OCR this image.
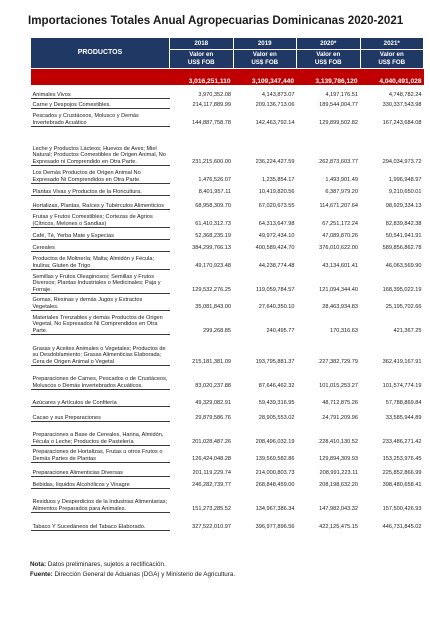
Importaciones Totales Anual Agropecuarias Dominicanas 2020-2021
PRODUCTOS	2018	2019	2020*	2021*
	Valor en
US$ FOB	Valor en
US$ FOB	Valor en
US$ FOB	Valor en
US$ FOB
	3,016,251,110	3,109,347,440	3,139,786,120	4,040,491,028
Animales Vivos	3,970,352.08	4,143,873.07	4,197,176.51	4,748,782.24
Carne y Despojos Comestibles.	214,117,889.99	209,136,713.06	189,544,004.77	330,337,543.98
Pescados y Crustáceos, Molusco y Demás Invertebrado Acuático	144,887,758.78	142,463,792.14	129,899,502.82	167,243,684.08
Leche y Productos Lácteos; Huevos de Aves; Miel Natural; Productos Comestibles de Origen Animal, No Expresado ni Comprendido en Otra Parte.	231,215,600.00	236,224,427.59	262,873,603.77	294,034,973.72
Los Demás Productos de Origen Animal No Expresado Ni Comprendidos en Otra Parte.	1,476,526.07	1,235,854.17	1,493,901.49	1,996,948.97
Plantas Vivas y Productos de la Floricultura.	8,401,957.11	10,419,820.56	6,387,979.20	9,210,650.01
Hortalizas, Plantas, Raíces y Tubérculos Alimenticios	68,958,309.70	67,020,673.55	114,671,207.64	98,929,334.13
Frutas y Frutos Comestibles; Cortezas de Agrios (Cítricos, Melones o Sandías)	61,410,312.73	64,313,647.98	67,251,172.24	82,839,842.38
Café, Té, Yerba Mate y Especias	52,368,235.19	49,972,434.10	47,089,870.26	50,541,941.91
Cereales	384,299,766.13	400,589,424.70	376,010,622.00	589,856,862.78
Productos de Molinería; Malta; Almidón y Fécula; Inulina; Gluten de Trigo	49,170,923.48	44,238,774.48	43,134,601.41	46,063,569.90
Semillas y Frutos Oleaginosos; Semillas y Frutos Diversos; Plantas Industriales o Medicinales; Paja y Forraje.	129,532,276.25	119,059,784.57	121,094,344.40	168,395,022.19
Gomas, Resinas y demás Jugos y Extractos Vegetales.	35,081,843.00	27,640,350.10	28,463,934.83	25,195,702.66
Materiales Trenzables y demás Productos de Origen Vegetal, No Expresados Ni Comprendidos en Otra Parte.	299,268.85	240,495.77	170,316.63	421,367.25
Grasas y Aceites Animales o Vegetales; Productos de su Desdoblamiento; Grasas Alimenticias Elaborada; Cera de Origen Animal o Vegetal	215,181,381.09	193,795,881.37	227,382,729.79	362,419,167.91
Preparaciones de Carnes, Pescados o de Crustáceos, Moluscos o Demás Invertebrados Acuáticos.	83,020,237.88	87,646,462.32	101,015,253.27	101,574,774.19
Azúcares y Artículos de Confitería	49,329,082.91	59,439,316.95	48,712,875.26	57,788,869.84
Cacao y sus Preparaciones	29,879,586.76	28,905,553.02	24,791,209.96	33,585,944.89
Preparaciones a Base de Cereales, Harina, Almidón, Fécula o Leche; Productos de Pastelería	201,028,487.26	208,496,032.19	228,410,130.52	233,486,271.42
Preparaciones de Hortalizas, Frutas u otros Frutos o Demás Partes de Plantas	126,424,048.28	139,569,582.86	129,894,309.93	153,253,976.45
Preparaciones Alimenticias Diversas	201,119,229.74	214,000,803.73	208,991,223.11	225,852,866.99
Bebidas, líquidos Alcohólicos y Vinagre	246,282,739.77	268,848,459.00	208,198,632.20	398,480,658.41
Residuos y Desperdicios de la Industrias Alimentarias; Alimentos Preparados para Animales.	151,273,285.52	134,967,386.34	147,982,043.32	157,500,426.93
Tabaco Y Sucedáneos del Tabaco Elaborado.	327,522,010.97	396,977,896.56	422,125,475.15	446,731,845.02
Nota: Datos preliminares, sujetos a rectificación.
Fuente: Dirección General de Aduanas (DGA) y Ministerio de Agricultura.
